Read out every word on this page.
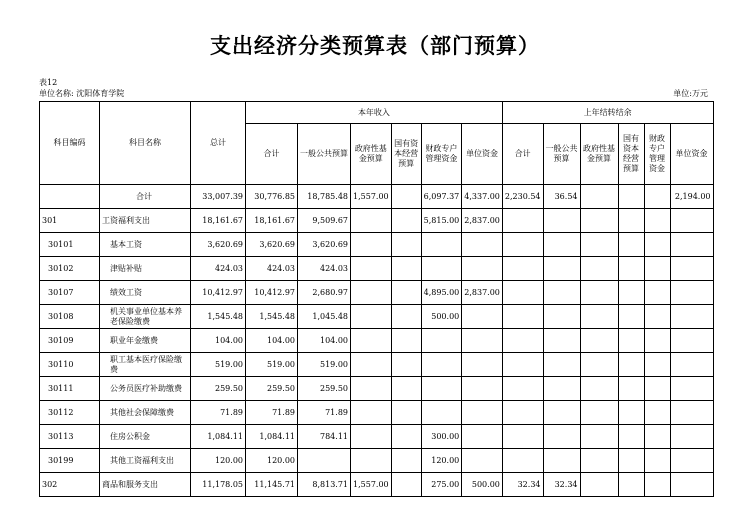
支出经济分类预算表（部门预算）
表12
单位名称: 沈阳体育学院	单位:万元
科目编码	科目名称	总计	本年收入						上年结转结余					
			合计	一般公共预算	政府性基金预算	国有资本经营预算	财政专户管理资金	单位资金	合计	一般公共预算	政府性基金预算	国有资本经营预算	财政专户管理资金	单位资金
	合计	33,007.39	30,776.85	18,785.48	1,557.00		6,097.37	4,337.00	2,230.54	36.54				2,194.00
301	工资福利支出	18,161.67	18,161.67	9,509.67			5,815.00	2,837.00						
30101	基本工资	3,620.69	3,620.69	3,620.69										
30102	津贴补贴	424.03	424.03	424.03										
30107	绩效工资	10,412.97	10,412.97	2,680.97			4,895.00	2,837.00						
30108	机关事业单位基本养老保险缴费	1,545.48	1,545.48	1,045.48			500.00							
30109	职业年金缴费	104.00	104.00	104.00										
30110	职工基本医疗保险缴费	519.00	519.00	519.00										
30111	公务员医疗补助缴费	259.50	259.50	259.50										
30112	其他社会保障缴费	71.89	71.89	71.89										
30113	住房公积金	1,084.11	1,084.11	784.11			300.00							
30199	其他工资福利支出	120.00	120.00				120.00							
302	商品和服务支出	11,178.05	11,145.71	8,813.71	1,557.00		275.00	500.00	32.34	32.34				
